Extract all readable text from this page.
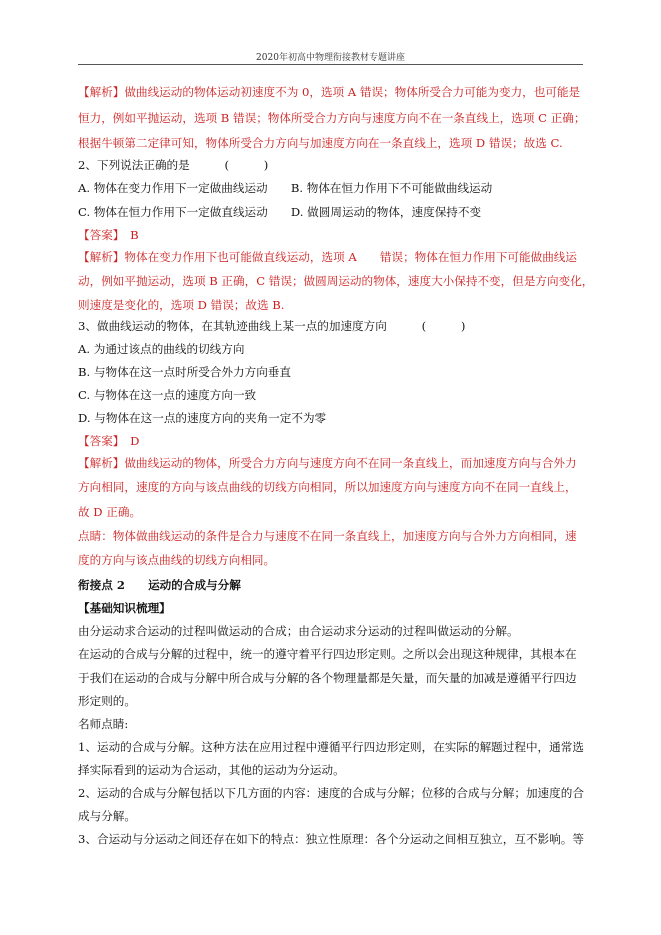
2020年初高中物理衔接教材专题讲座
【解析】做曲线运动的物体运动初速度不为 0，选项 A 错误；物体所受合力可能为变力，也可能是
恒力，例如平抛运动，选项 B 错误；物体所受合力方向与速度方向不在一条直线上，选项 C 正确；
根据牛顿第二定律可知，物体所受合力方向与加速度方向在一条直线上，选项 D 错误；故选 C.
2、下列说法正确的是　　　(　　　)
A. 物体在变力作用下一定做曲线运动　　B. 物体在恒力作用下不可能做曲线运动
C. 物体在恒力作用下一定做直线运动　　D. 做圆周运动的物体，速度保持不变
【答案】　B
【解析】物体在变力作用下也可能做直线运动，选项 A　　错误；物体在恒力作用下可能做曲线运
动，例如平抛运动，选项 B 正确，C 错误；做圆周运动的物体，速度大小保持不变，但是方向变化，
则速度是变化的，选项 D 错误；故选 B.
3、做曲线运动的物体，在其轨迹曲线上某一点的加速度方向　　　(　　　)
A. 为通过该点的曲线的切线方向
B. 与物体在这一点时所受合外力方向垂直
C. 与物体在这一点的速度方向一致
D. 与物体在这一点的速度方向的夹角一定不为零
【答案】　D
【解析】做曲线运动的物体，所受合力方向与速度方向不在同一条直线上，而加速度方向与合外力
方向相同，速度的方向与该点曲线的切线方向相同，所以加速度方向与速度方向不在同一直线上，
故 D 正确。
点睛：物体做曲线运动的条件是合力与速度不在同一条直线上，加速度方向与合外力方向相同，速
度的方向与该点曲线的切线方向相同。
衔接点 2　　运动的合成与分解
【基础知识梳理】
由分运动求合运动的过程叫做运动的合成；由合运动求分运动的过程叫做运动的分解。
在运动的合成与分解的过程中，统一的遵守着平行四边形定则。之所以会出现这种规律，其根本在
于我们在运动的合成与分解中所合成与分解的各个物理量都是矢量，而矢量的加减是遵循平行四边
形定则的。
名师点睛:
1、运动的合成与分解。这种方法在应用过程中遵循平行四边形定则，在实际的解题过程中，通常选
择实际看到的运动为合运动，其他的运动为分运动。
2、运动的合成与分解包括以下几方面的内容：速度的合成与分解；位移的合成与分解；加速度的合
成与分解。
3、合运动与分运动之间还存在如下的特点：独立性原理：各个分运动之间相互独立，互不影响。等
